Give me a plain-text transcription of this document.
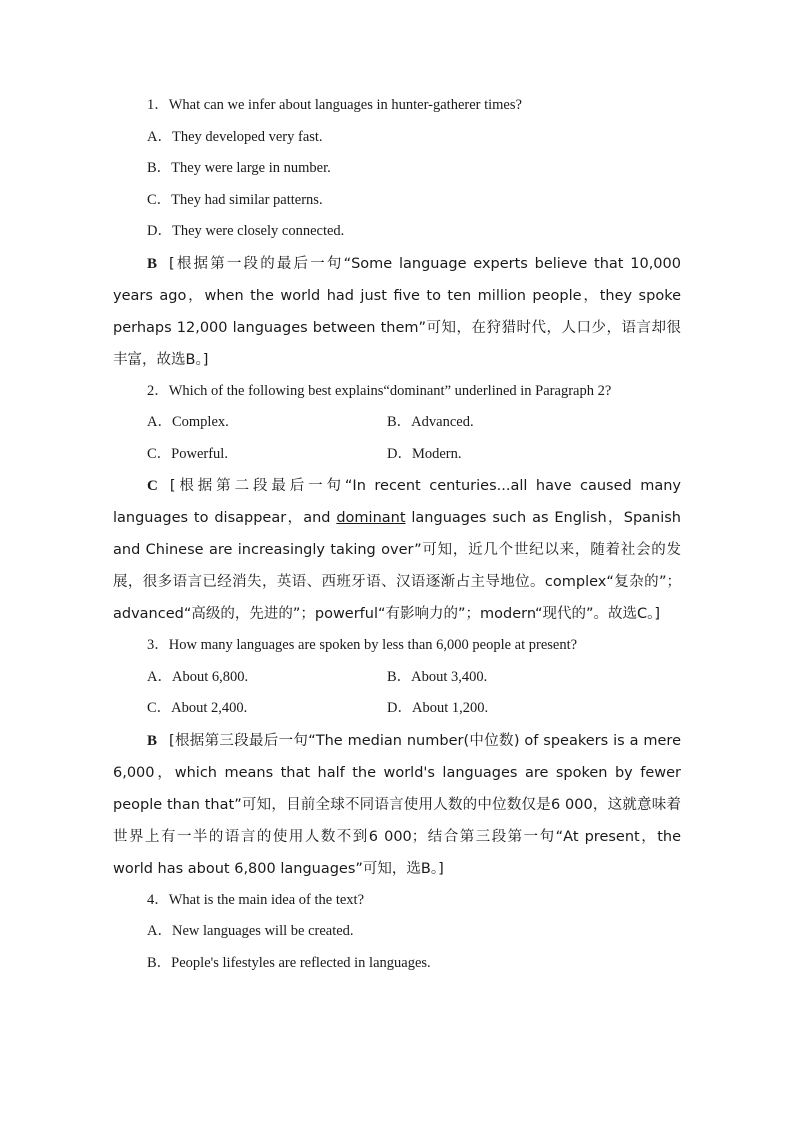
1．What can we infer about languages in hunter-gatherer times?
A．They developed very fast.
B．They were large in number.
C．They had similar patterns.
D．They were closely connected.

B [根据第一段的最后一句“Some language experts believe that 10,000 years ago，when the world had just five to ten million people，they spoke perhaps 12,000 languages between them”可知，在狩猎时代，人口少，语言却很丰富，故选B。]

2．Which of the following best explains“dominant” underlined in Paragraph 2?
A．Complex.	B．Advanced.
C．Powerful.	D．Modern.

C [根据第二段最后一句“In recent centuries...all have caused many languages to disappear，and dominant languages such as English，Spanish and Chinese are increasingly taking over”可知，近几个世纪以来，随着社会的发展，很多语言已经消失，英语、西班牙语、汉语逐渐占主导地位。complex“复杂的”；advanced“高级的，先进的”；powerful“有影响力的”；modern“现代的”。故选C。]

3．How many languages are spoken by less than 6,000 people at present?
A．About 6,800.	B．About 3,400.
C．About 2,400.	D．About 1,200.

B [根据第三段最后一句“The median number(中位数) of speakers is a mere 6,000，which means that half the world's languages are spoken by fewer people than that”可知，目前全球不同语言使用人数的中位数仅是6 000，这就意味着世界上有一半的语言的使用人数不到6 000；结合第三段第一句“At present，the world has about 6,800 languages”可知，选B。]

4．What is the main idea of the text?
A．New languages will be created.
B．People's lifestyles are reflected in languages.
